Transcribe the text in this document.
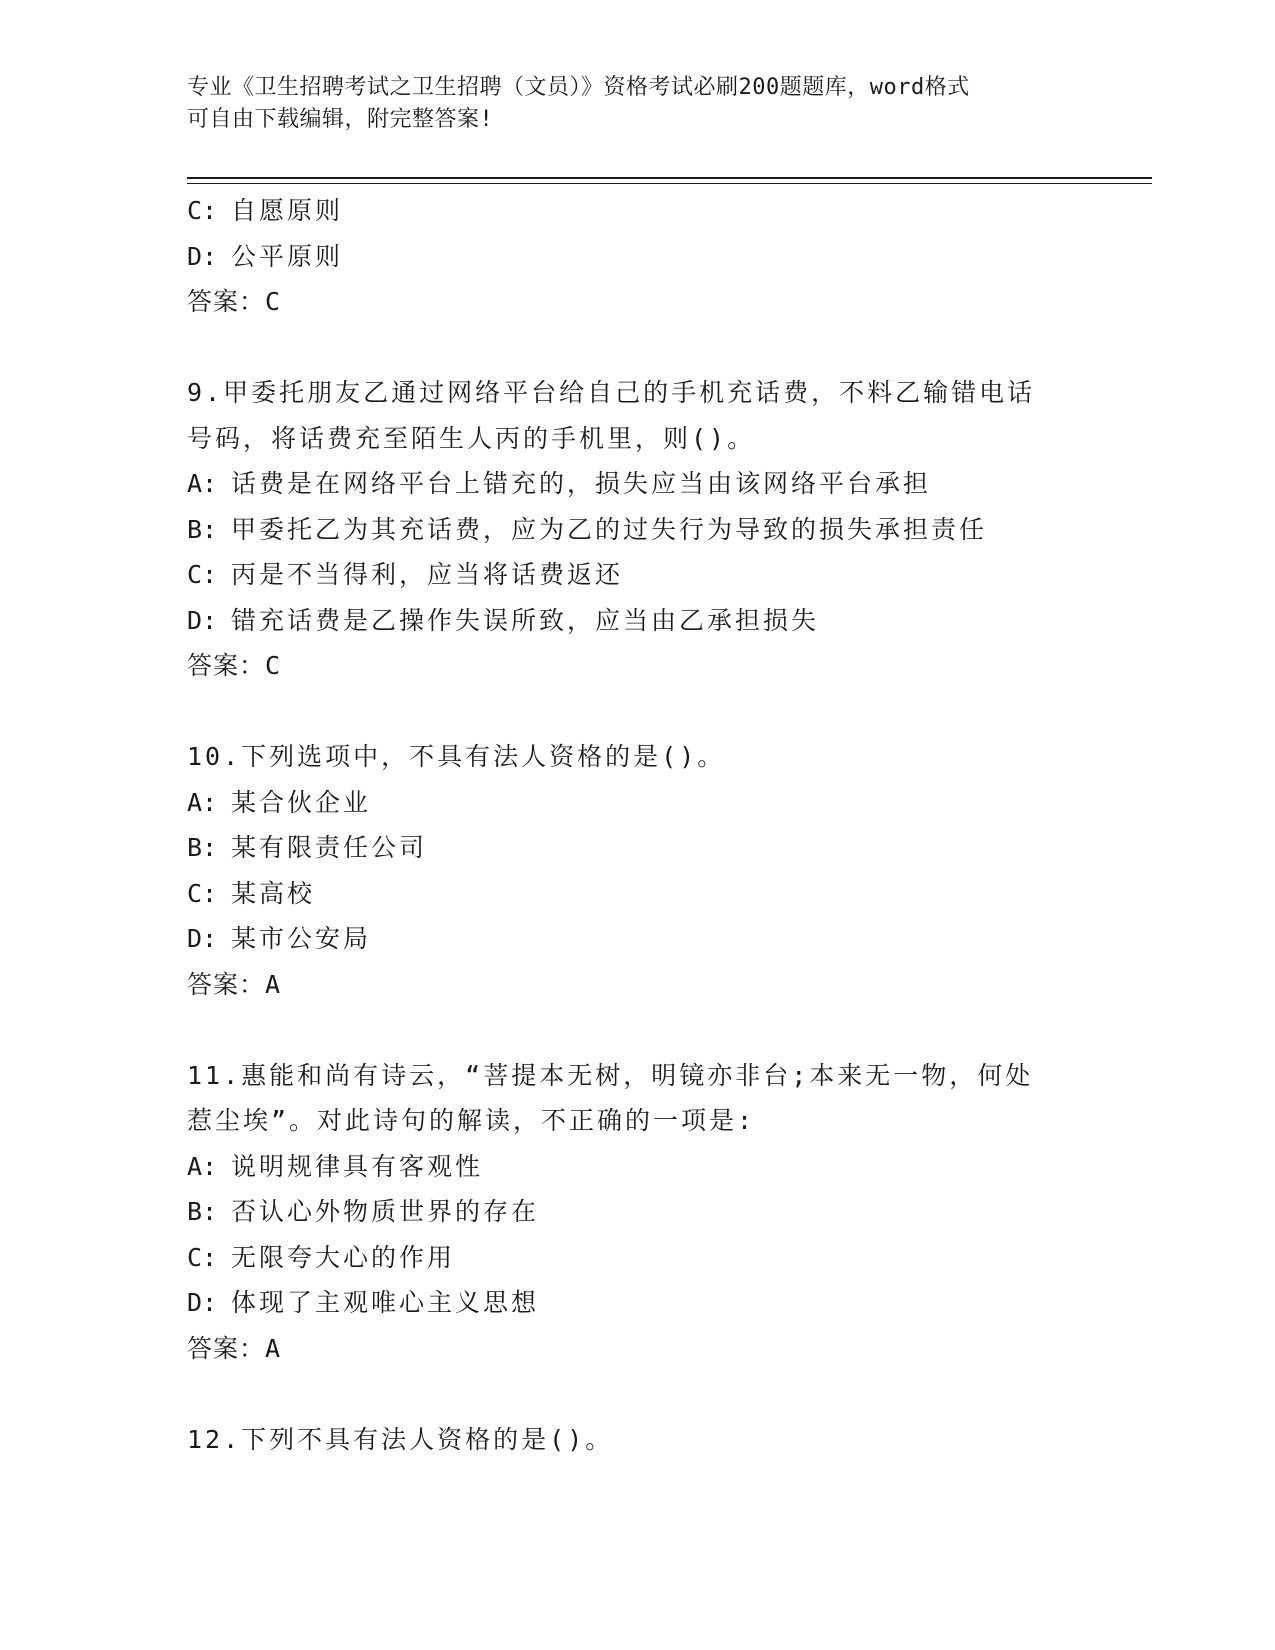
专业《卫生招聘考试之卫生招聘（文员）》资格考试必刷200题题库，word格式
可自由下载编辑，附完整答案!
C: 自愿原则
D: 公平原则
答案：C
9.甲委托朋友乙通过网络平台给自己的手机充话费，不料乙输错电话
号码，将话费充至陌生人丙的手机里，则()。
A: 话费是在网络平台上错充的，损失应当由该网络平台承担
B: 甲委托乙为其充话费，应为乙的过失行为导致的损失承担责任
C: 丙是不当得利，应当将话费返还
D: 错充话费是乙操作失误所致，应当由乙承担损失
答案：C
10.下列选项中，不具有法人资格的是()。
A: 某合伙企业
B: 某有限责任公司
C: 某高校
D: 某市公安局
答案：A
11.惠能和尚有诗云，“菩提本无树，明镜亦非台;本来无一物，何处
惹尘埃”。对此诗句的解读，不正确的一项是:
A: 说明规律具有客观性
B: 否认心外物质世界的存在
C: 无限夸大心的作用
D: 体现了主观唯心主义思想
答案：A
12.下列不具有法人资格的是()。
